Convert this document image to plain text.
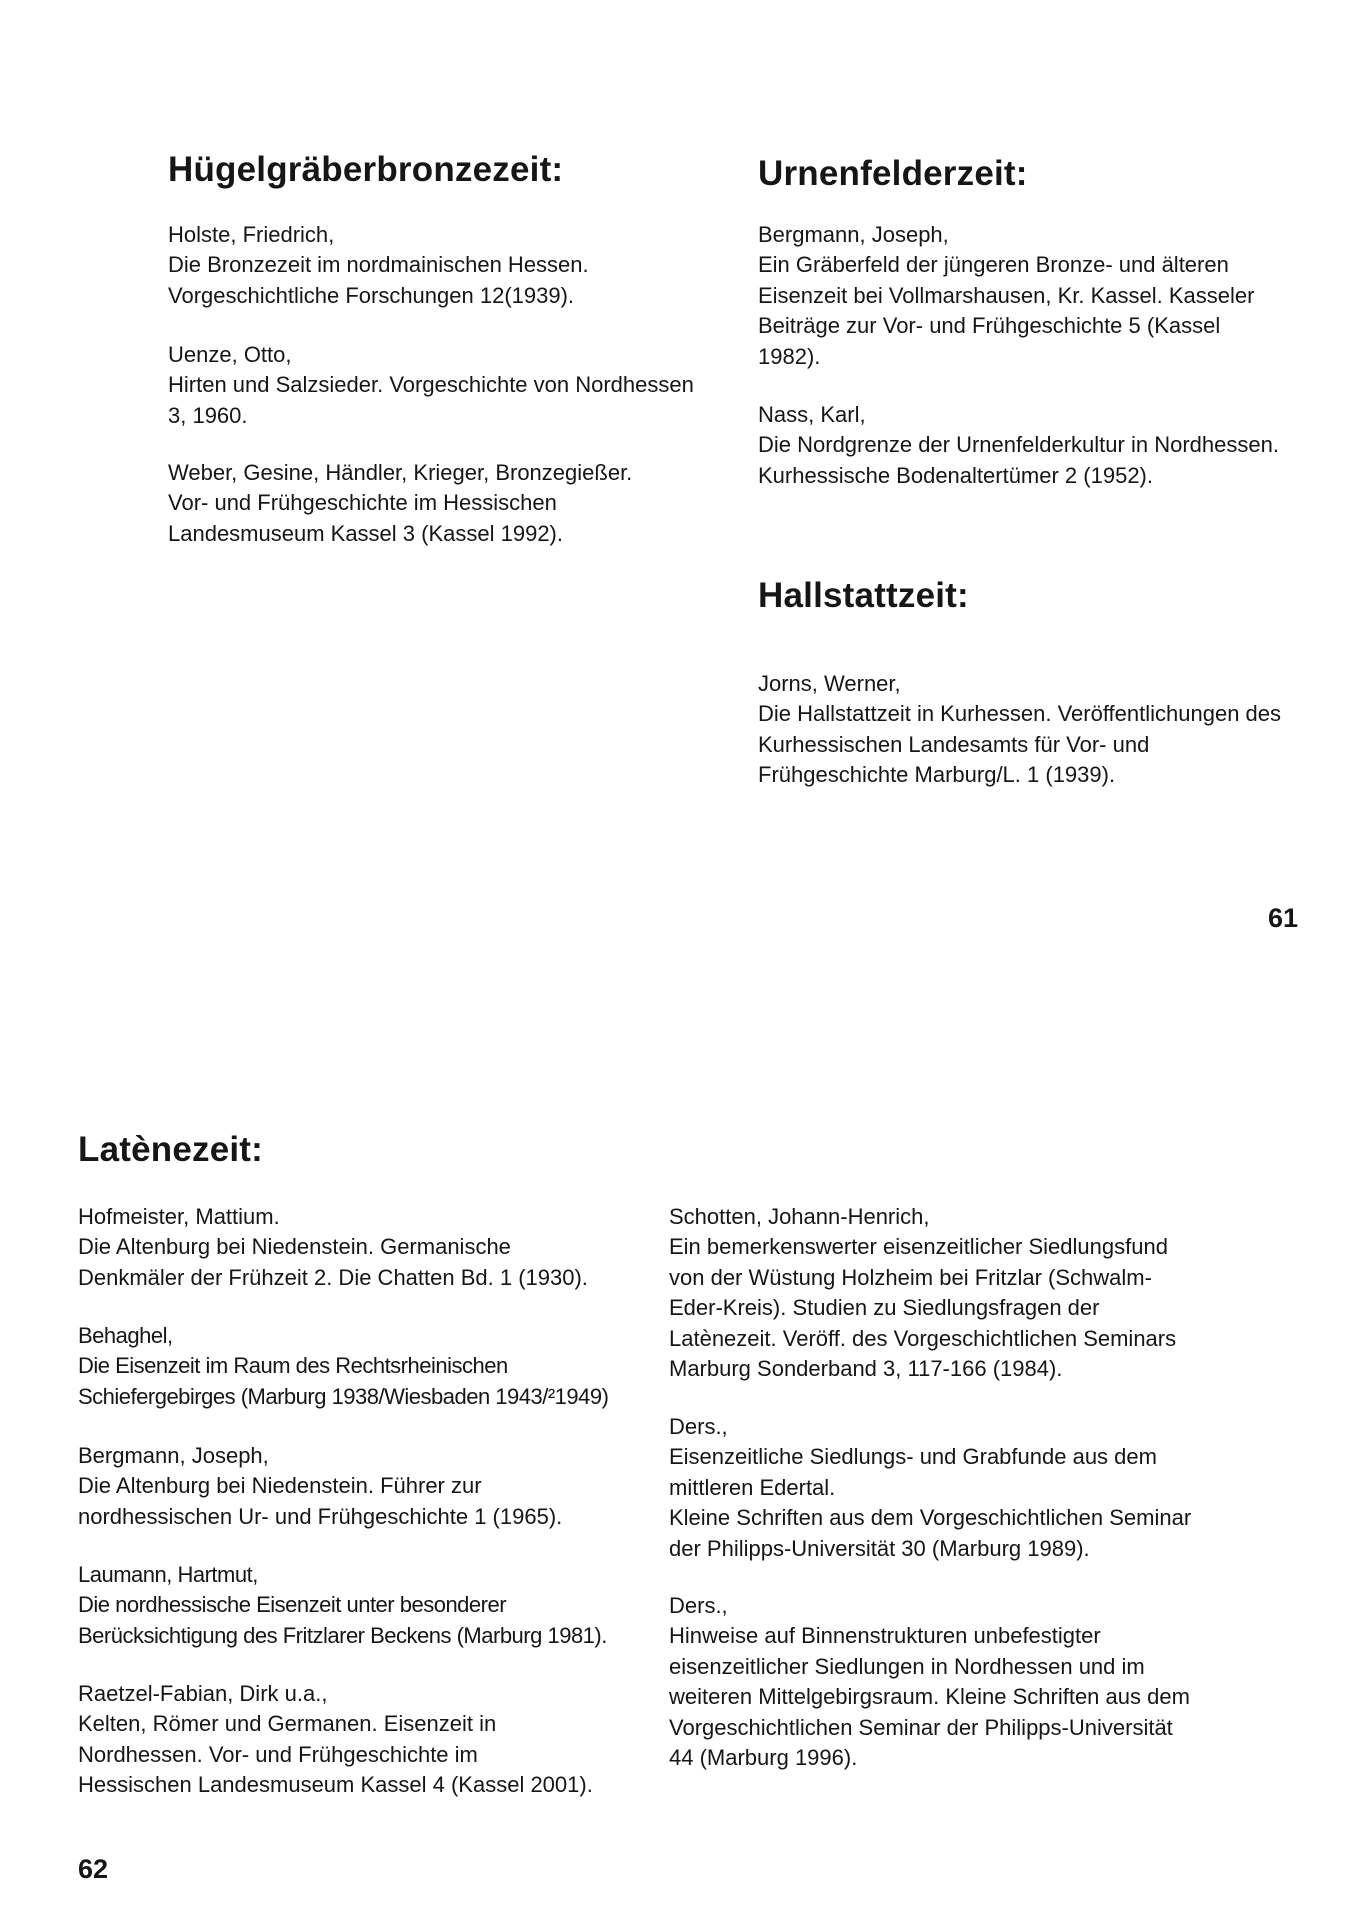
Hügelgräberbronzezeit:
Holste, Friedrich,
Die Bronzezeit im nordmainischen Hessen.
Vorgeschichtliche Forschungen 12(1939).
Uenze, Otto,
Hirten und Salzsieder. Vorgeschichte von Nordhessen
3, 1960.
Weber, Gesine, Händler, Krieger, Bronzegießer.
Vor- und Frühgeschichte im Hessischen
Landesmuseum Kassel 3 (Kassel 1992).
Urnenfelderzeit:
Bergmann, Joseph,
Ein Gräberfeld der jüngeren Bronze- und älteren
Eisenzeit bei Vollmarshausen, Kr. Kassel. Kasseler
Beiträge zur Vor- und Frühgeschichte 5 (Kassel
1982).
Nass, Karl,
Die Nordgrenze der Urnenfelderkultur in Nordhessen.
Kurhessische Bodenaltertümer 2 (1952).
Hallstattzeit:
Jorns, Werner,
Die Hallstattzeit in Kurhessen. Veröffentlichungen des
Kurhessischen Landesamts für Vor- und
Frühgeschichte Marburg/L. 1 (1939).
61
Latènezeit:
Hofmeister, Mattium.
Die Altenburg bei Niedenstein. Germanische
Denkmäler der Frühzeit 2. Die Chatten Bd. 1 (1930).
Behaghel,
Die Eisenzeit im Raum des Rechtsrheinischen
Schiefergebirges (Marburg 1938/Wiesbaden 1943/²1949)
Bergmann, Joseph,
Die Altenburg bei Niedenstein. Führer zur
nordhessischen Ur- und Frühgeschichte 1 (1965).
Laumann, Hartmut,
Die nordhessische Eisenzeit unter besonderer
Berücksichtigung des Fritzlarer Beckens (Marburg 1981).
Raetzel-Fabian, Dirk u.a.,
Kelten, Römer und Germanen. Eisenzeit in
Nordhessen. Vor- und Frühgeschichte im
Hessischen Landesmuseum Kassel 4 (Kassel 2001).
Schotten, Johann-Henrich,
Ein bemerkenswerter eisenzeitlicher Siedlungsfund
von der Wüstung Holzheim bei Fritzlar (Schwalm-
Eder-Kreis). Studien zu Siedlungsfragen der
Latènezeit. Veröff. des Vorgeschichtlichen Seminars
Marburg Sonderband 3, 117-166 (1984).
Ders.,
Eisenzeitliche Siedlungs- und Grabfunde aus dem
mittleren Edertal.
Kleine Schriften aus dem Vorgeschichtlichen Seminar
der Philipps-Universität 30 (Marburg 1989).
Ders.,
Hinweise auf Binnenstrukturen unbefestigter
eisenzeitlicher Siedlungen in Nordhessen und im
weiteren Mittelgebirgsraum. Kleine Schriften aus dem
Vorgeschichtlichen Seminar der Philipps-Universität
44 (Marburg 1996).
62
